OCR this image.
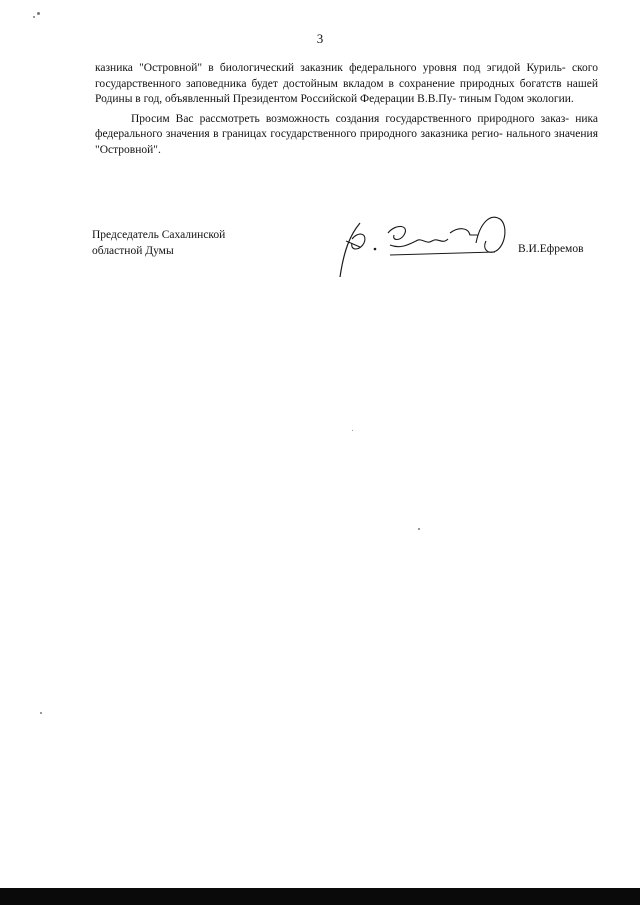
3

казника "Островной" в биологический заказник федерального уровня под эгидой Куриль- ского государственного заповедника будет достойным вкладом в сохранение природных богатств нашей Родины в год, объявленный Президентом Российской Федерации В.В.Пу- тиным Годом экологии.

Просим Вас рассмотреть возможность создания государственного природного заказ- ника федерального значения в границах государственного природного заказника регио- нального значения "Островной".

Председатель Сахалинской
областной Думы	В.И.Ефремов
